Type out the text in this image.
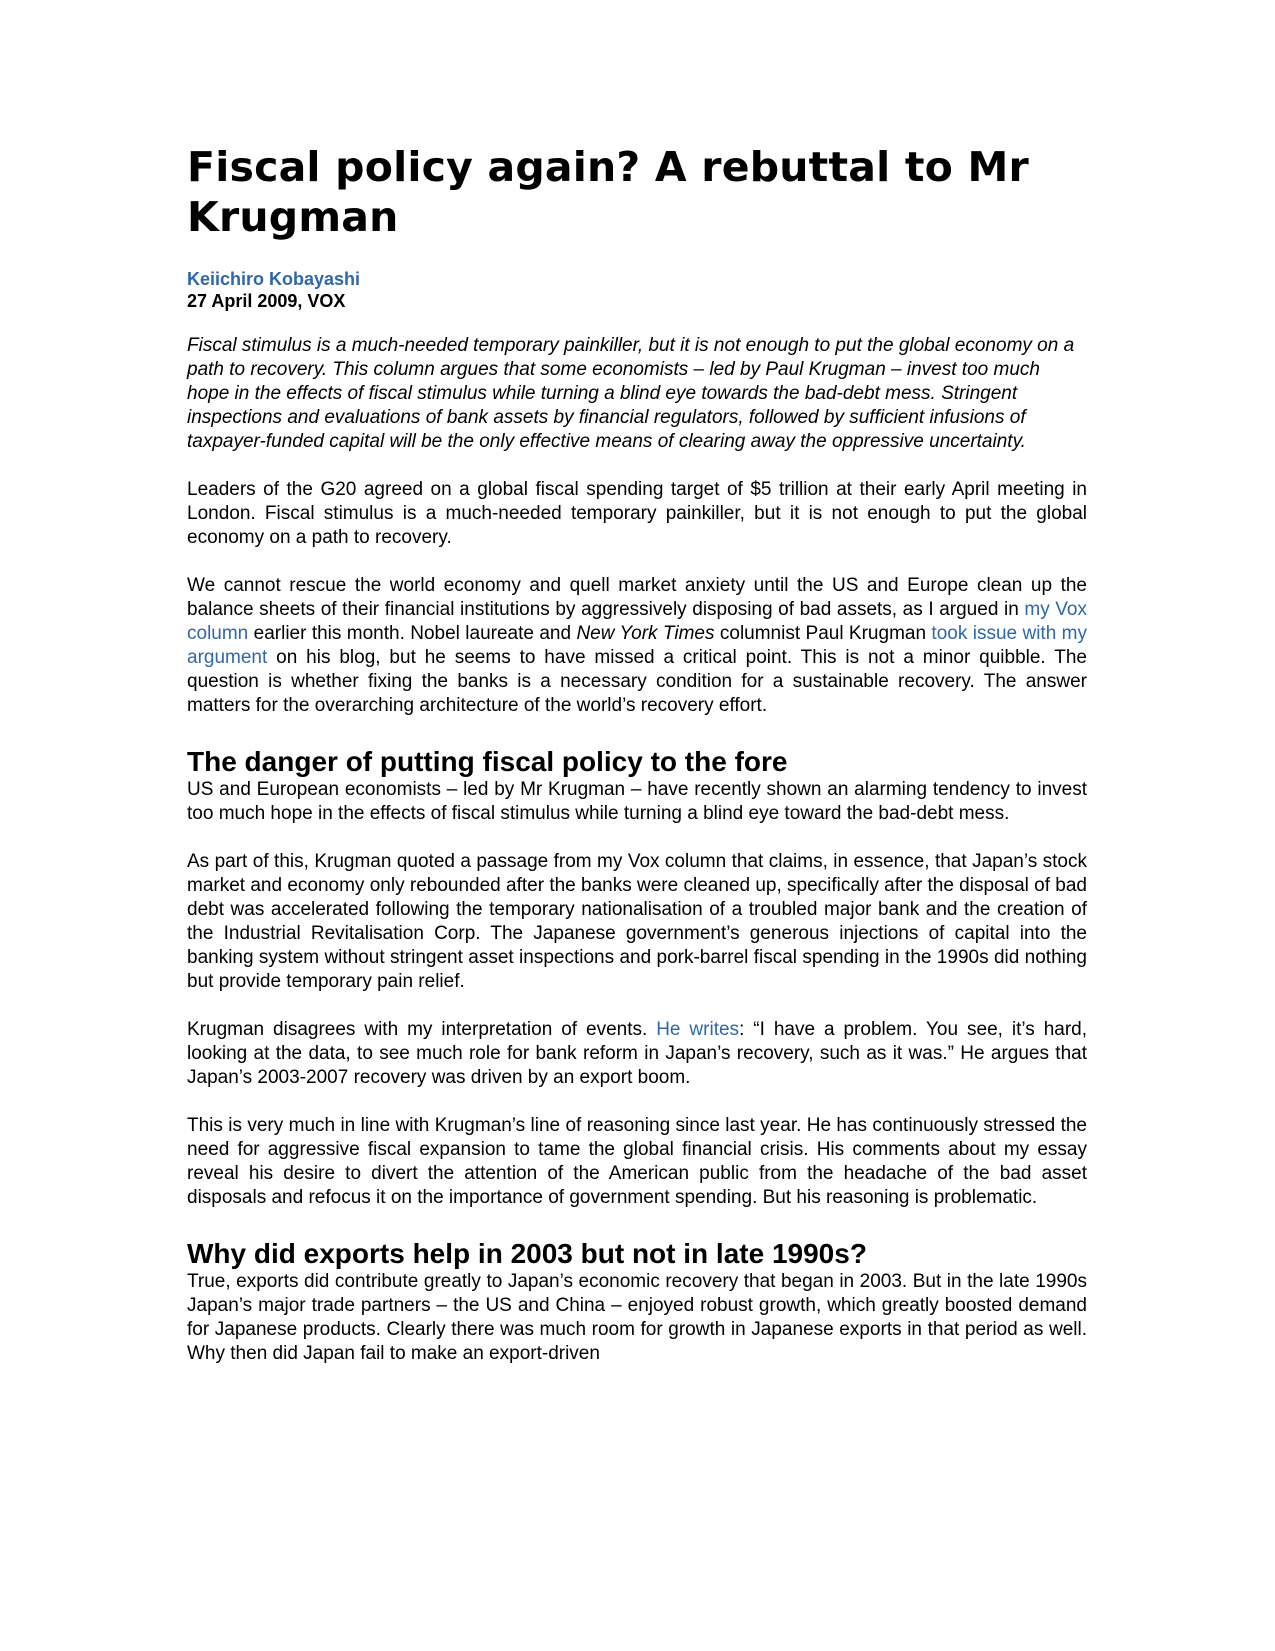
Fiscal policy again? A rebuttal to Mr Krugman
Keiichiro Kobayashi
27 April 2009, VOX

Fiscal stimulus is a much-needed temporary painkiller, but it is not enough to put the global economy on a path to recovery. This column argues that some economists – led by Paul Krugman – invest too much hope in the effects of fiscal stimulus while turning a blind eye towards the bad-debt mess. Stringent inspections and evaluations of bank assets by financial regulators, followed by sufficient infusions of taxpayer-funded capital will be the only effective means of clearing away the oppressive uncertainty.

Leaders of the G20 agreed on a global fiscal spending target of $5 trillion at their early April meeting in London. Fiscal stimulus is a much-needed temporary painkiller, but it is not enough to put the global economy on a path to recovery.

We cannot rescue the world economy and quell market anxiety until the US and Europe clean up the balance sheets of their financial institutions by aggressively disposing of bad assets, as I argued in my Vox column earlier this month. Nobel laureate and New York Times columnist Paul Krugman took issue with my argument on his blog, but he seems to have missed a critical point. This is not a minor quibble. The question is whether fixing the banks is a necessary condition for a sustainable recovery. The answer matters for the overarching architecture of the world’s recovery effort.

The danger of putting fiscal policy to the fore

US and European economists – led by Mr Krugman – have recently shown an alarming tendency to invest too much hope in the effects of fiscal stimulus while turning a blind eye toward the bad-debt mess.

As part of this, Krugman quoted a passage from my Vox column that claims, in essence, that Japan’s stock market and economy only rebounded after the banks were cleaned up, specifically after the disposal of bad debt was accelerated following the temporary nationalisation of a troubled major bank and the creation of the Industrial Revitalisation Corp. The Japanese government’s generous injections of capital into the banking system without stringent asset inspections and pork-barrel fiscal spending in the 1990s did nothing but provide temporary pain relief.

Krugman disagrees with my interpretation of events. He writes: “I have a problem. You see, it’s hard, looking at the data, to see much role for bank reform in Japan’s recovery, such as it was.” He argues that Japan’s 2003-2007 recovery was driven by an export boom.

This is very much in line with Krugman’s line of reasoning since last year. He has continuously stressed the need for aggressive fiscal expansion to tame the global financial crisis. His comments about my essay reveal his desire to divert the attention of the American public from the headache of the bad asset disposals and refocus it on the importance of government spending. But his reasoning is problematic.

Why did exports help in 2003 but not in late 1990s?

True, exports did contribute greatly to Japan’s economic recovery that began in 2003. But in the late 1990s Japan’s major trade partners – the US and China – enjoyed robust growth, which greatly boosted demand for Japanese products. Clearly there was much room for growth in Japanese exports in that period as well. Why then did Japan fail to make an export-driven
